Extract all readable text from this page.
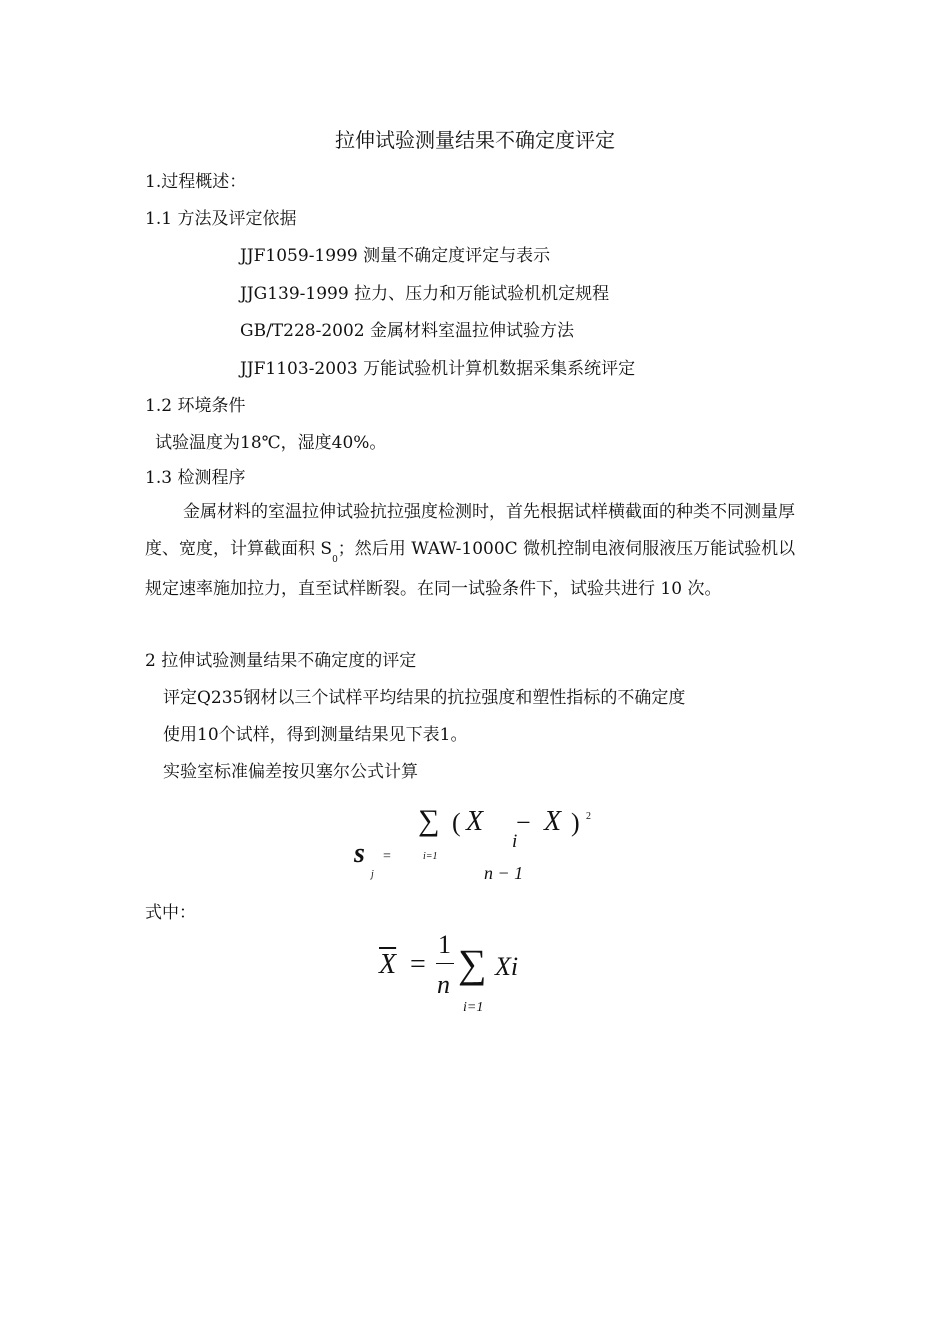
拉伸试验测量结果不确定度评定
1.过程概述：
1.1 方法及评定依据
JJF1059-1999 测量不确定度评定与表示
JJG139-1999 拉力、压力和万能试验机机定规程
GB/T228-2002 金属材料室温拉伸试验方法
JJF1103-2003 万能试验机计算机数据采集系统评定
1.2 环境条件
试验温度为18℃，湿度40%。
1.3 检测程序
金属材料的室温拉伸试验抗拉强度检测时，首先根据试样横截面的种类不同测量厚度、宽度，计算截面积 $S_0$；然后用 WAW-1000C 微机控制电液伺服液压万能试验机以规定速率施加拉力，直至试样断裂。在同一试验条件下，试验共进行 10 次。
2 拉伸试验测量结果不确定度的评定
评定Q235钢材以三个试样平均结果的抗拉强度和塑性指标的不确定度
使用10个试样，得到测量结果见下表1。
实验室标准偏差按贝塞尔公式计算
∑ ( X
i
− X ) 2
s
j
=	i=1
n − 1
式中：
$\overline{X}$ =
1
n ∑ Xi
i=1
